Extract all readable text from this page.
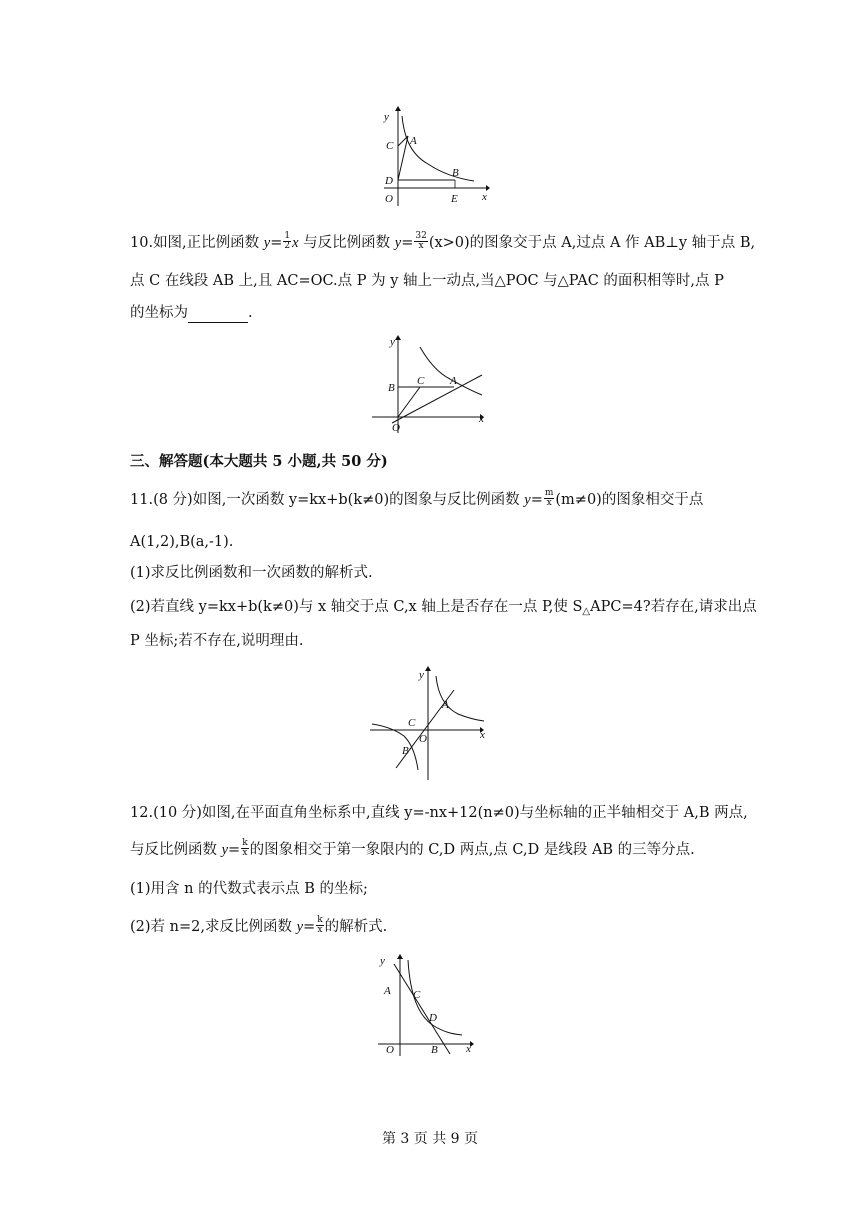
y
C A
D
B
O	E x
10.如图,正比例函数 $y= \frac{1}{2}$ x 与反比例函数 $y= \frac{32}{x} (x>0)$的图象交于点 A,过点 A 作 AB⊥y 轴于点 B,
点 C 在线段 AB 上,且 AC=OC.点 P 为 y 轴上一动点,当△POC 与△PAC 的面积相等时,点 P
的坐标为	.
y
B
C A
O
x
三、解答题(本大题共 5 小题,共 50 分)
11.(8 分)如图,一次函数 y=kx+b(k≠0)的图象与反比例函数 $y= \frac{m}{x} (m\ne 0)$的图象相交于点
A(1,2),B(a,-1).
(1)求反比例函数和一次函数的解析式.
(2)若直线 y=kx+b(k≠0)与 x 轴交于点 C,x 轴上是否存在一点 P,使 $S_\triangle APC=4$?若存在,请求出点
P 坐标;若不存在,说明理由.
y
A
C
O	x
B
12.(10 分)如图,在平面直角坐标系中,直线 y=-nx+12(n≠0)与坐标轴的正半轴相交于 A,B 两点,
与反比例函数 $y= \frac{k}{x}$ 的图象相交于第一象限内的 C,D 两点,点 C,D 是线段 AB 的三等分点.
(1)用含 n 的代数式表示点 B 的坐标;
(2)若 n=2,求反比例函数 $y= \frac{k}{x}$ 的解析式.
y
A C
D
O	B	x
第 3 页 共 9 页
